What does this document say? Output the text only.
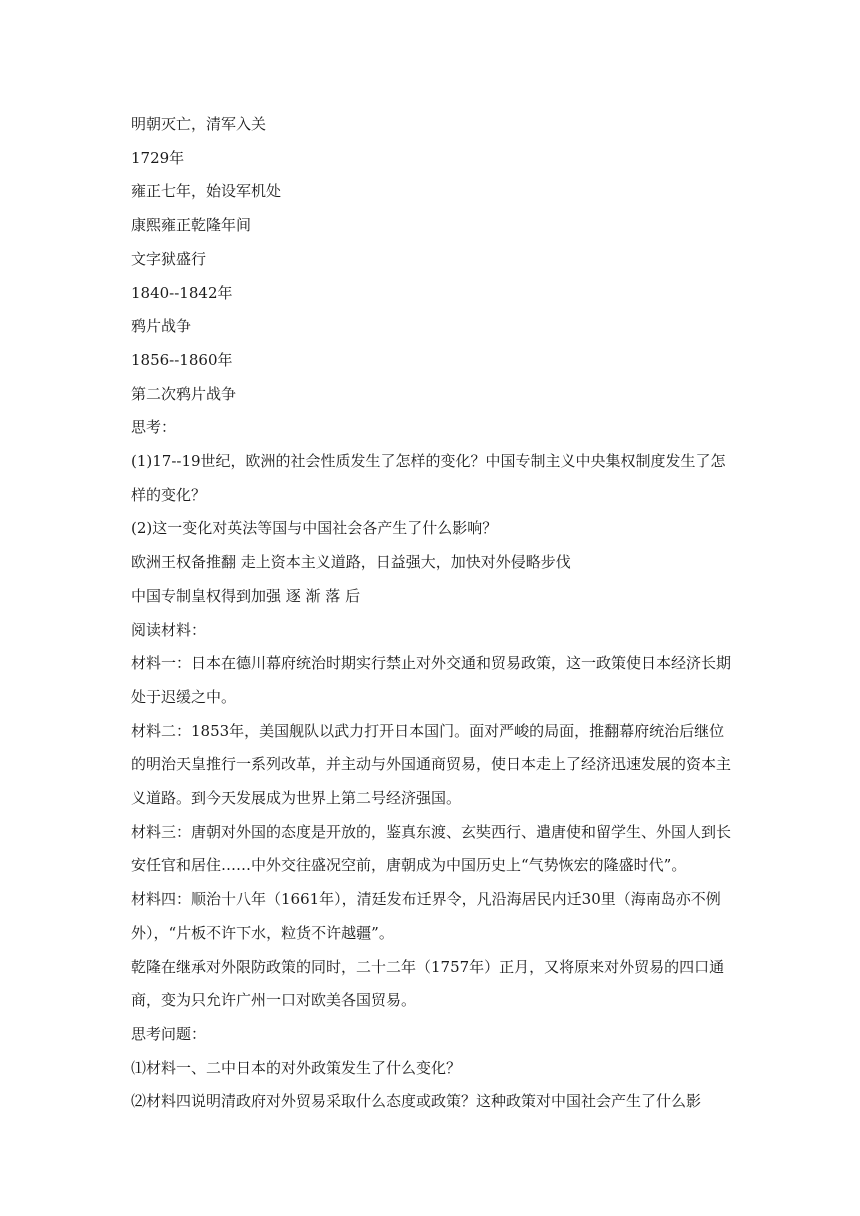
明朝灭亡，清军入关
1729年
雍正七年，始设军机处
康熙雍正乾隆年间
文字狱盛行
1840--1842年
鸦片战争
1856--1860年
第二次鸦片战争
思考：
(1)17--19世纪，欧洲的社会性质发生了怎样的变化？中国专制主义中央集权制度发生了怎
样的变化？
(2)这一变化对英法等国与中国社会各产生了什么影响？
欧洲王权备推翻 走上资本主义道路，日益强大，加快对外侵略步伐
中国专制皇权得到加强 逐 渐 落 后
阅读材料：
材料一：日本在德川幕府统治时期实行禁止对外交通和贸易政策，这一政策使日本经济长期
处于迟缓之中。
材料二：1853年，美国舰队以武力打开日本国门。面对严峻的局面，推翻幕府统治后继位
的明治天皇推行一系列改革，并主动与外国通商贸易，使日本走上了经济迅速发展的资本主
义道路。到今天发展成为世界上第二号经济强国。
材料三：唐朝对外国的态度是开放的，鉴真东渡、玄奘西行、遣唐使和留学生、外国人到长
安任官和居住……中外交往盛况空前，唐朝成为中国历史上“气势恢宏的隆盛时代”。
材料四：顺治十八年（1661年），清廷发布迁界令，凡沿海居民内迁30里（海南岛亦不例
外），“片板不许下水，粒货不许越疆”。
乾隆在继承对外限防政策的同时，二十二年（1757年）正月，又将原来对外贸易的四口通
商，变为只允许广州一口对欧美各国贸易。
思考问题：
⑴材料一、二中日本的对外政策发生了什么变化？
⑵材料四说明清政府对外贸易采取什么态度或政策？这种政策对中国社会产生了什么影
